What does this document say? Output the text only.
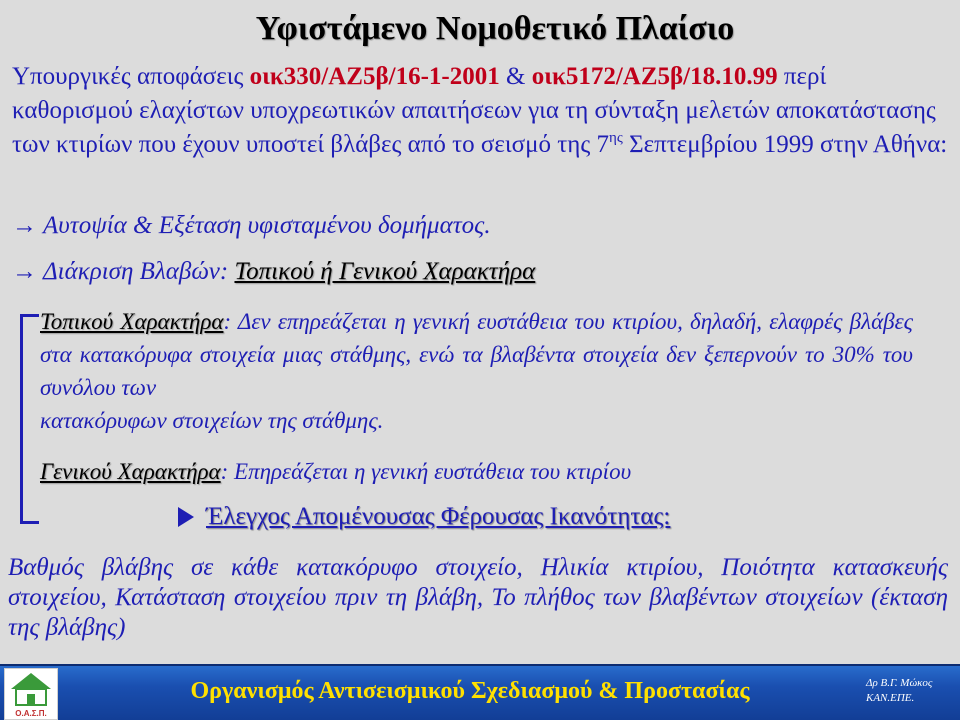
Υφιστάμενο Νομοθετικό Πλαίσιο
Υπουργικές αποφάσεις οικ330/ΑΖ5β/16-1-2001 & οικ5172/ΑΖ5β/18.10.99 περί καθορισμού ελαχίστων υποχρεωτικών απαιτήσεων για τη σύνταξη μελετών αποκατάστασης των κτιρίων που έχουν υποστεί βλάβες από το σεισμό της $7^{\eta\varsigma}$ Σεπτεμβρίου 1999 στην Αθήνα:
→ Αυτοψία & Εξέταση υφισταμένου δομήματος.
→ Διάκριση Βλαβών: Τοπικού ή Γενικού Χαρακτήρα
Τοπικού Χαρακτήρα: Δεν επηρεάζεται η γενική ευστάθεια του κτιρίου, δηλαδή, ελαφρές βλάβες στα κατακόρυφα στοιχεία μιας στάθμης, ενώ τα βλαβέντα στοιχεία δεν ξεπερνούν το 30% του συνόλου των
κατακόρυφων στοιχείων της στάθμης.
Γενικού Χαρακτήρα: Επηρεάζεται η γενική ευστάθεια του κτιρίου
Έλεγχος Απομένουσας Φέρουσας Ικανότητας:
Βαθμός βλάβης σε κάθε κατακόρυφο στοιχείο, Ηλικία κτιρίου, Ποιότητα κατασκευής στοιχείου, Κατάσταση στοιχείου πριν τη βλάβη, Το πλήθος των βλαβέντων στοιχείων (έκταση της βλάβης)
Ο.Α.Σ.Π.
Οργανισμός Αντισεισμικού Σχεδιασμού & Προστασίας	Δρ Β.Γ. Μώκος
ΚΑΝ.ΕΠΕ.
